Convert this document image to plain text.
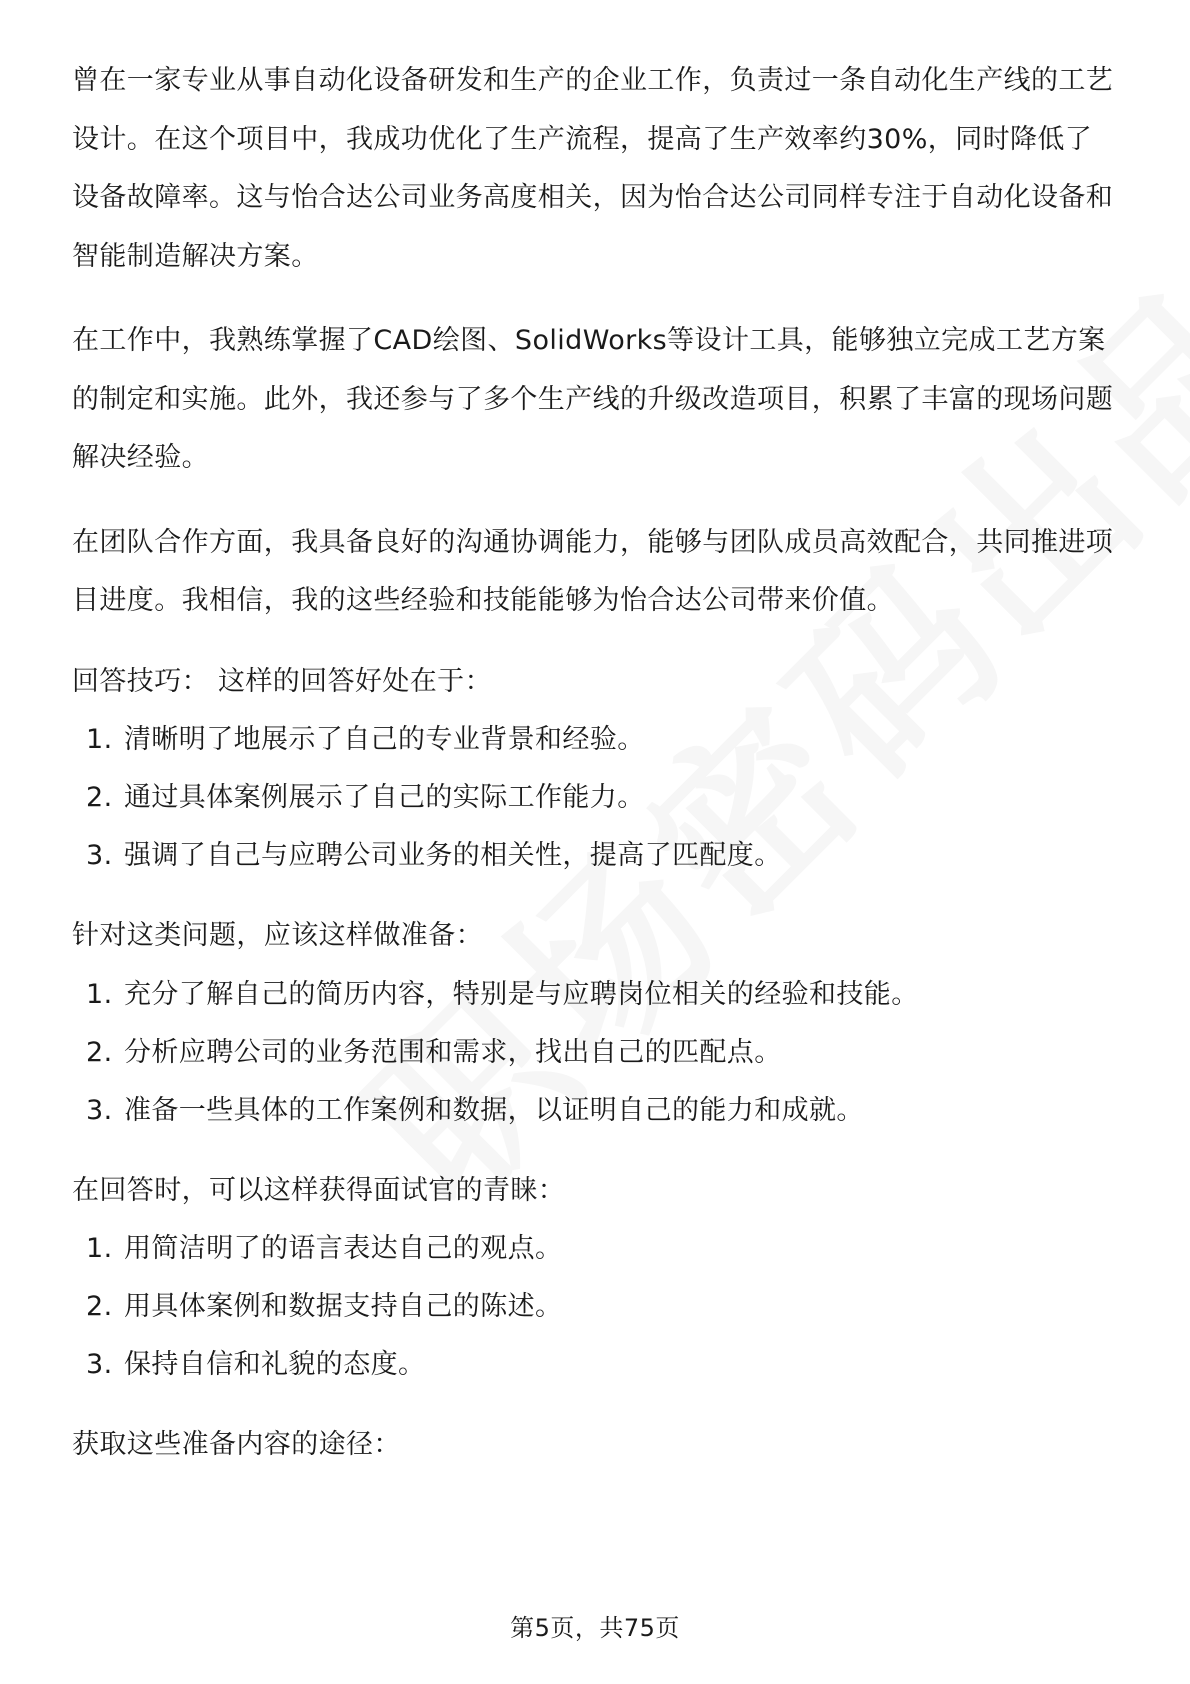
曾在一家专业从事自动化设备研发和生产的企业工作，负责过一条自动化生产线的工艺设计。在这个项目中，我成功优化了生产流程，提高了生产效率约30%，同时降低了设备故障率。这与怡合达公司业务高度相关，因为怡合达公司同样专注于自动化设备和智能制造解决方案。

在工作中，我熟练掌握了CAD绘图、SolidWorks等设计工具，能够独立完成工艺方案的制定和实施。此外，我还参与了多个生产线的升级改造项目，积累了丰富的现场问题解决经验。

在团队合作方面，我具备良好的沟通协调能力，能够与团队成员高效配合，共同推进项目进度。我相信，我的这些经验和技能能够为怡合达公司带来价值。

回答技巧： 这样的回答好处在于：

1. 清晰明了地展示了自己的专业背景和经验。
2. 通过具体案例展示了自己的实际工作能力。
3. 强调了自己与应聘公司业务的相关性，提高了匹配度。

针对这类问题，应该这样做准备：

1. 充分了解自己的简历内容，特别是与应聘岗位相关的经验和技能。
2. 分析应聘公司的业务范围和需求，找出自己的匹配点。
3. 准备一些具体的工作案例和数据，以证明自己的能力和成就。

在回答时，可以这样获得面试官的青睐：

1. 用简洁明了的语言表达自己的观点。
2. 用具体案例和数据支持自己的陈述。
3. 保持自信和礼貌的态度。

获取这些准备内容的途径：

第5页，共75页
